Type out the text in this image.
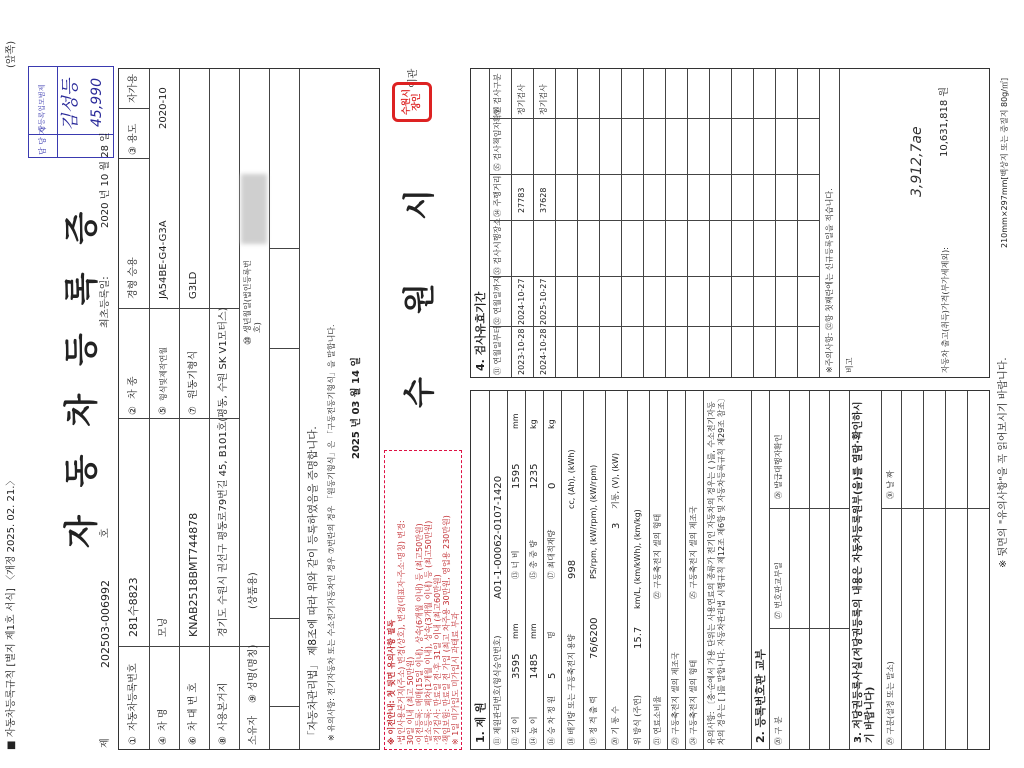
■ 자동차등록규칙 [별지 제1호 서식] 〈개정 2025. 02. 21.〉
(앞쪽)
담 당 자
상등록업모범제 김성등 45,990
자 동 차 등 록 증
제
202503-006992
호
최초등록일:
2020 년 10 월 28 일
①
자동차등록번호
281수8823
②
차 종
경형 승용
③
용도
자가용
④
차 명
모닝
⑤
형식및제작연월
JA54BE-G4-G3A
2020-10
⑥
차 대 번 호
KNAB2518BMT744878
⑦
원동기형식
G3LD
⑧
사용본거지
경기도 수원시 권선구 평동로79번길 45, B101호(평동, 수원 SK V1모터스)
소유자
⑨
성명(명칭)
(상품용)
⑩
생년월일(법인등록번호)
「자동차관리법」 제8조에 따라 위와 같이 등록하였음을 증명합니다. ※ 유의사항: 전기자동차 또는 수소전기자동차인 경우 ⑦번란의 경우 「원동기형식」은 「구동전동기형식」을 말합니다. 2025 년 03 월 14 일
※ 이전안내: 첫 뒷면 유의사항 필독 ·법인사용본거지(주소) 변경(상호), 변경(대표자·주소·명칭) 변경: 30일 이내 (최고 50만원) ·이전등록: 매매(15일 이내), 상속(6개월 이내) 등 (최고50만원) ·말소등록: 폐차(1개월 이내), 상속(3개월 이내) 등 (최고50만원) ·정기검사: 만료일 전·후 31일 이내 (최고60만원) ·책임보험: 만료일 전 가입 (최고 차주용 30만원, 영업용 230만원) ※ 1일 미가입도 미가입시 과태료 부과
수 원 시
이관
수원시장인
1. 제 원 ⑪ 제원관리번호(형식승인번호)
A01-1-00062-0107-1420
⑫ 길 이
3595
mm
⑬ 너 비
1595
mm
⑭ 높 이
1485
mm
⑮ 총 중 량
1235
kg
⑯ 승 차 정 원
5
명
⑰ 최대적재량
0
kg
⑱ 배기량 또는 구동축전지 용량
998
cc, (Ah), (kWh)
⑲ 정 격 출 력
76/6200
PS/rpm, (kW/rpm), (kW/rpm)
⑳ 기 통 수
3
기통, (V), (kW)
위 방식 (주연)
15.7
km/L, (km/kWh), (km/kg)
㉑ 연료소비율
㉒ 구동축전지 셀의 형태
㉓ 구동축전지 셀의 제조국 ㉔ 구동축전지 셀의 형태
㉕ 구동축전지 셀의 제조국 유의사항: 〔충·순에서 가용 단위는 사용연료의 종류가 전기인 자동차의 경우는 ( )를, 수소전기자동차의 경우는 [ ]를 말합니다. 자동차관리법 시행규칙 제12조 제6항 및 자동차등록규칙 제29조 참조〕	2. 등록번호판 교부 ⑳ 구 분
㉗ 번호판교부일
㉘ 발급대행자확인	3. 저당권등록사실(저당권등록의 내용은 자동차등록원부(을)를 열람·확인하시기 바랍니다) ㉙ 구분(설정 또는 말소)
㉚ 날 짜
4. 검사유효기간 ㉛ 연월일부터
㉜ 연월일까지
㉝ 검사시행장소
㉞ 주행거리
㉟ 검사책임자확인
㊱ 검사구분
2023-10-28
2024-10-27
27783
정기검사
2024-10-28
2025-10-27
37628
정기검사
※주의사항: ㉜항 첫째란에는 신규등록일을 적습니다. 비고
3,912,7ae
자동차 출고(취득)가격(부가세제외):
10,631,818 원
※ 뒷면의 "유의사항"을 꼭 읽어보시기 바랍니다.
210mm×297mm[백상지 또는 중질지 80g/㎡]
